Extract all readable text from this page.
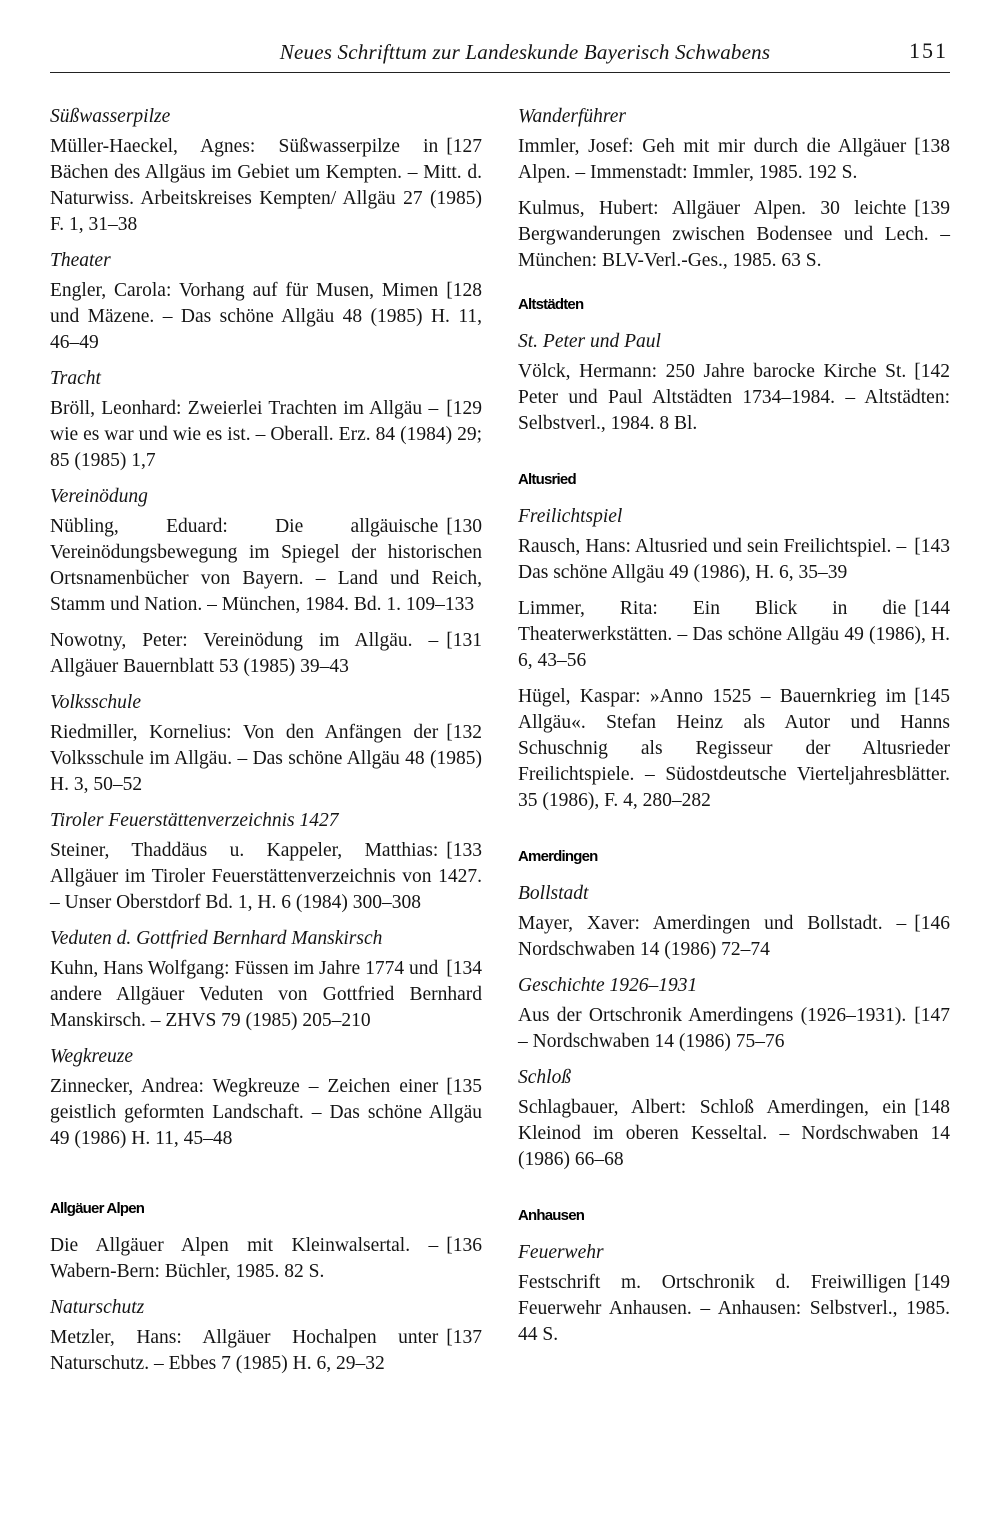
Neues Schrifttum zur Landeskunde Bayerisch Schwabens	151
Süßwasserpilze
[127
Müller-Haeckel, Agnes: Süßwasserpilze in Bächen des Allgäus im Gebiet um Kempten. – Mitt. d. Naturwiss. Arbeitskreises Kempten/ Allgäu 27 (1985) F. 1, 31–38
Theater
[128
Engler, Carola: Vorhang auf für Musen, Mimen und Mäzene. – Das schöne Allgäu 48 (1985) H. 11, 46–49
Tracht
[129
Bröll, Leonhard: Zweierlei Trachten im Allgäu – wie es war und wie es ist. – Oberall. Erz. 84 (1984) 29; 85 (1985) 1,7
Vereinödung
[130
Nübling, Eduard: Die allgäuische Vereinödungsbewegung im Spiegel der historischen Ortsnamenbücher von Bayern. – Land und Reich, Stamm und Nation. – München, 1984. Bd. 1. 109–133
[131
Nowotny, Peter: Vereinödung im Allgäu. – Allgäuer Bauernblatt 53 (1985) 39–43
Volksschule
[132
Riedmiller, Kornelius: Von den Anfängen der Volksschule im Allgäu. – Das schöne Allgäu 48 (1985) H. 3, 50–52
Tiroler Feuerstättenverzeichnis 1427
[133
Steiner, Thaddäus u. Kappeler, Matthias: Allgäuer im Tiroler Feuerstättenverzeichnis von 1427. – Unser Oberstdorf Bd. 1, H. 6 (1984) 300–308
Veduten d. Gottfried Bernhard Manskirsch
[134
Kuhn, Hans Wolfgang: Füssen im Jahre 1774 und andere Allgäuer Veduten von Gottfried Bernhard Manskirsch. – ZHVS 79 (1985) 205–210
Wegkreuze
[135
Zinnecker, Andrea: Wegkreuze – Zeichen einer geistlich geformten Landschaft. – Das schöne Allgäu 49 (1986) H. 11, 45–48
Allgäuer Alpen
[136
Die Allgäuer Alpen mit Kleinwalsertal. – Wabern-Bern: Büchler, 1985. 82 S.
Naturschutz
[137
Metzler, Hans: Allgäuer Hochalpen unter Naturschutz. – Ebbes 7 (1985) H. 6, 29–32
Wanderführer
[138
Immler, Josef: Geh mit mir durch die Allgäuer Alpen. – Immenstadt: Immler, 1985. 192 S.
[139
Kulmus, Hubert: Allgäuer Alpen. 30 leichte Bergwanderungen zwischen Bodensee und Lech. – München: BLV-Verl.-Ges., 1985. 63 S.
Altstädten
St. Peter und Paul
[142
Völck, Hermann: 250 Jahre barocke Kirche St. Peter und Paul Altstädten 1734–1984. – Altstädten: Selbstverl., 1984. 8 Bl.
Altusried
Freilichtspiel
[143
Rausch, Hans: Altusried und sein Freilichtspiel. – Das schöne Allgäu 49 (1986), H. 6, 35–39
[144
Limmer, Rita: Ein Blick in die Theaterwerkstätten. – Das schöne Allgäu 49 (1986), H. 6, 43–56
[145
Hügel, Kaspar: »Anno 1525 – Bauernkrieg im Allgäu«. Stefan Heinz als Autor und Hanns Schuschnig als Regisseur der Altusrieder Freilichtspiele. – Südostdeutsche Vierteljahresblätter. 35 (1986), F. 4, 280–282
Amerdingen
Bollstadt
[146
Mayer, Xaver: Amerdingen und Bollstadt. – Nordschwaben 14 (1986) 72–74
Geschichte 1926–1931
[147
Aus der Ortschronik Amerdingens (1926–1931). – Nordschwaben 14 (1986) 75–76
Schloß
[148
Schlagbauer, Albert: Schloß Amerdingen, ein Kleinod im oberen Kesseltal. – Nordschwaben 14 (1986) 66–68
Anhausen
Feuerwehr
[149
Festschrift m. Ortschronik d. Freiwilligen Feuerwehr Anhausen. – Anhausen: Selbstverl., 1985. 44 S.
